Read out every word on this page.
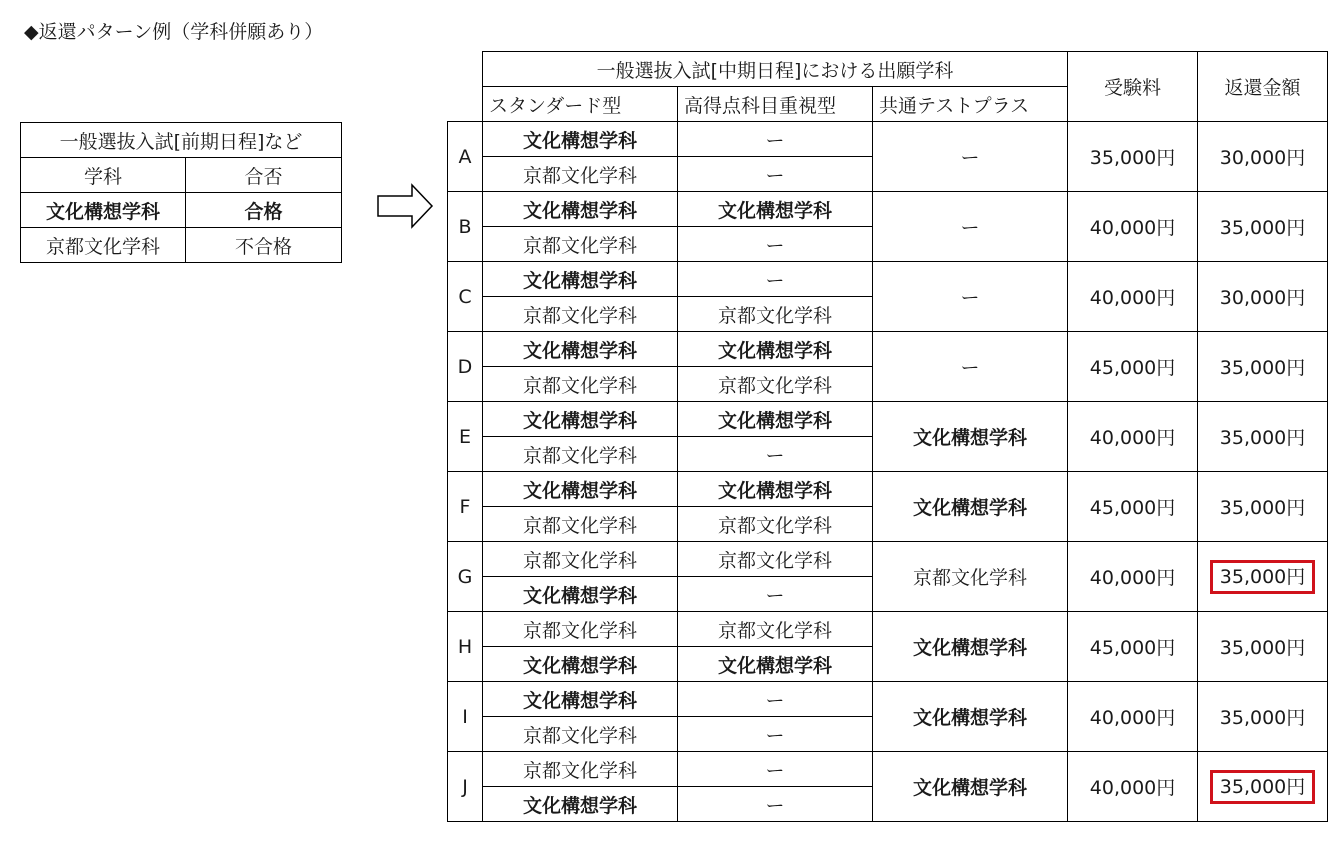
◆返還パターン例（学科併願あり）
一般選抜入試[前期日程]など	
学科	合否
文化構想学科	合格
京都文化学科	不合格
	一般選抜入試[中期日程]における出願学科			受験料	返還金額
	スタンダード型	高得点科目重視型	共通テストプラス		
A	文化構想学科	ー	ー	35,000円	30,000円
	京都文化学科	ー			
B	文化構想学科	文化構想学科	ー	40,000円	35,000円
	京都文化学科	ー			
C	文化構想学科	ー	ー	40,000円	30,000円
	京都文化学科	京都文化学科			
D	文化構想学科	文化構想学科	ー	45,000円	35,000円
	京都文化学科	京都文化学科			
E	文化構想学科	文化構想学科	文化構想学科	40,000円	35,000円
	京都文化学科	ー			
F	文化構想学科	文化構想学科	文化構想学科	45,000円	35,000円
	京都文化学科	京都文化学科			
G	京都文化学科	京都文化学科	京都文化学科	40,000円	35,000円
	文化構想学科	ー			
H	京都文化学科	京都文化学科	文化構想学科	45,000円	35,000円
	文化構想学科	文化構想学科			
I	文化構想学科	ー	文化構想学科	40,000円	35,000円
	京都文化学科	ー			
J	京都文化学科	ー	文化構想学科	40,000円	35,000円
	文化構想学科	ー			
